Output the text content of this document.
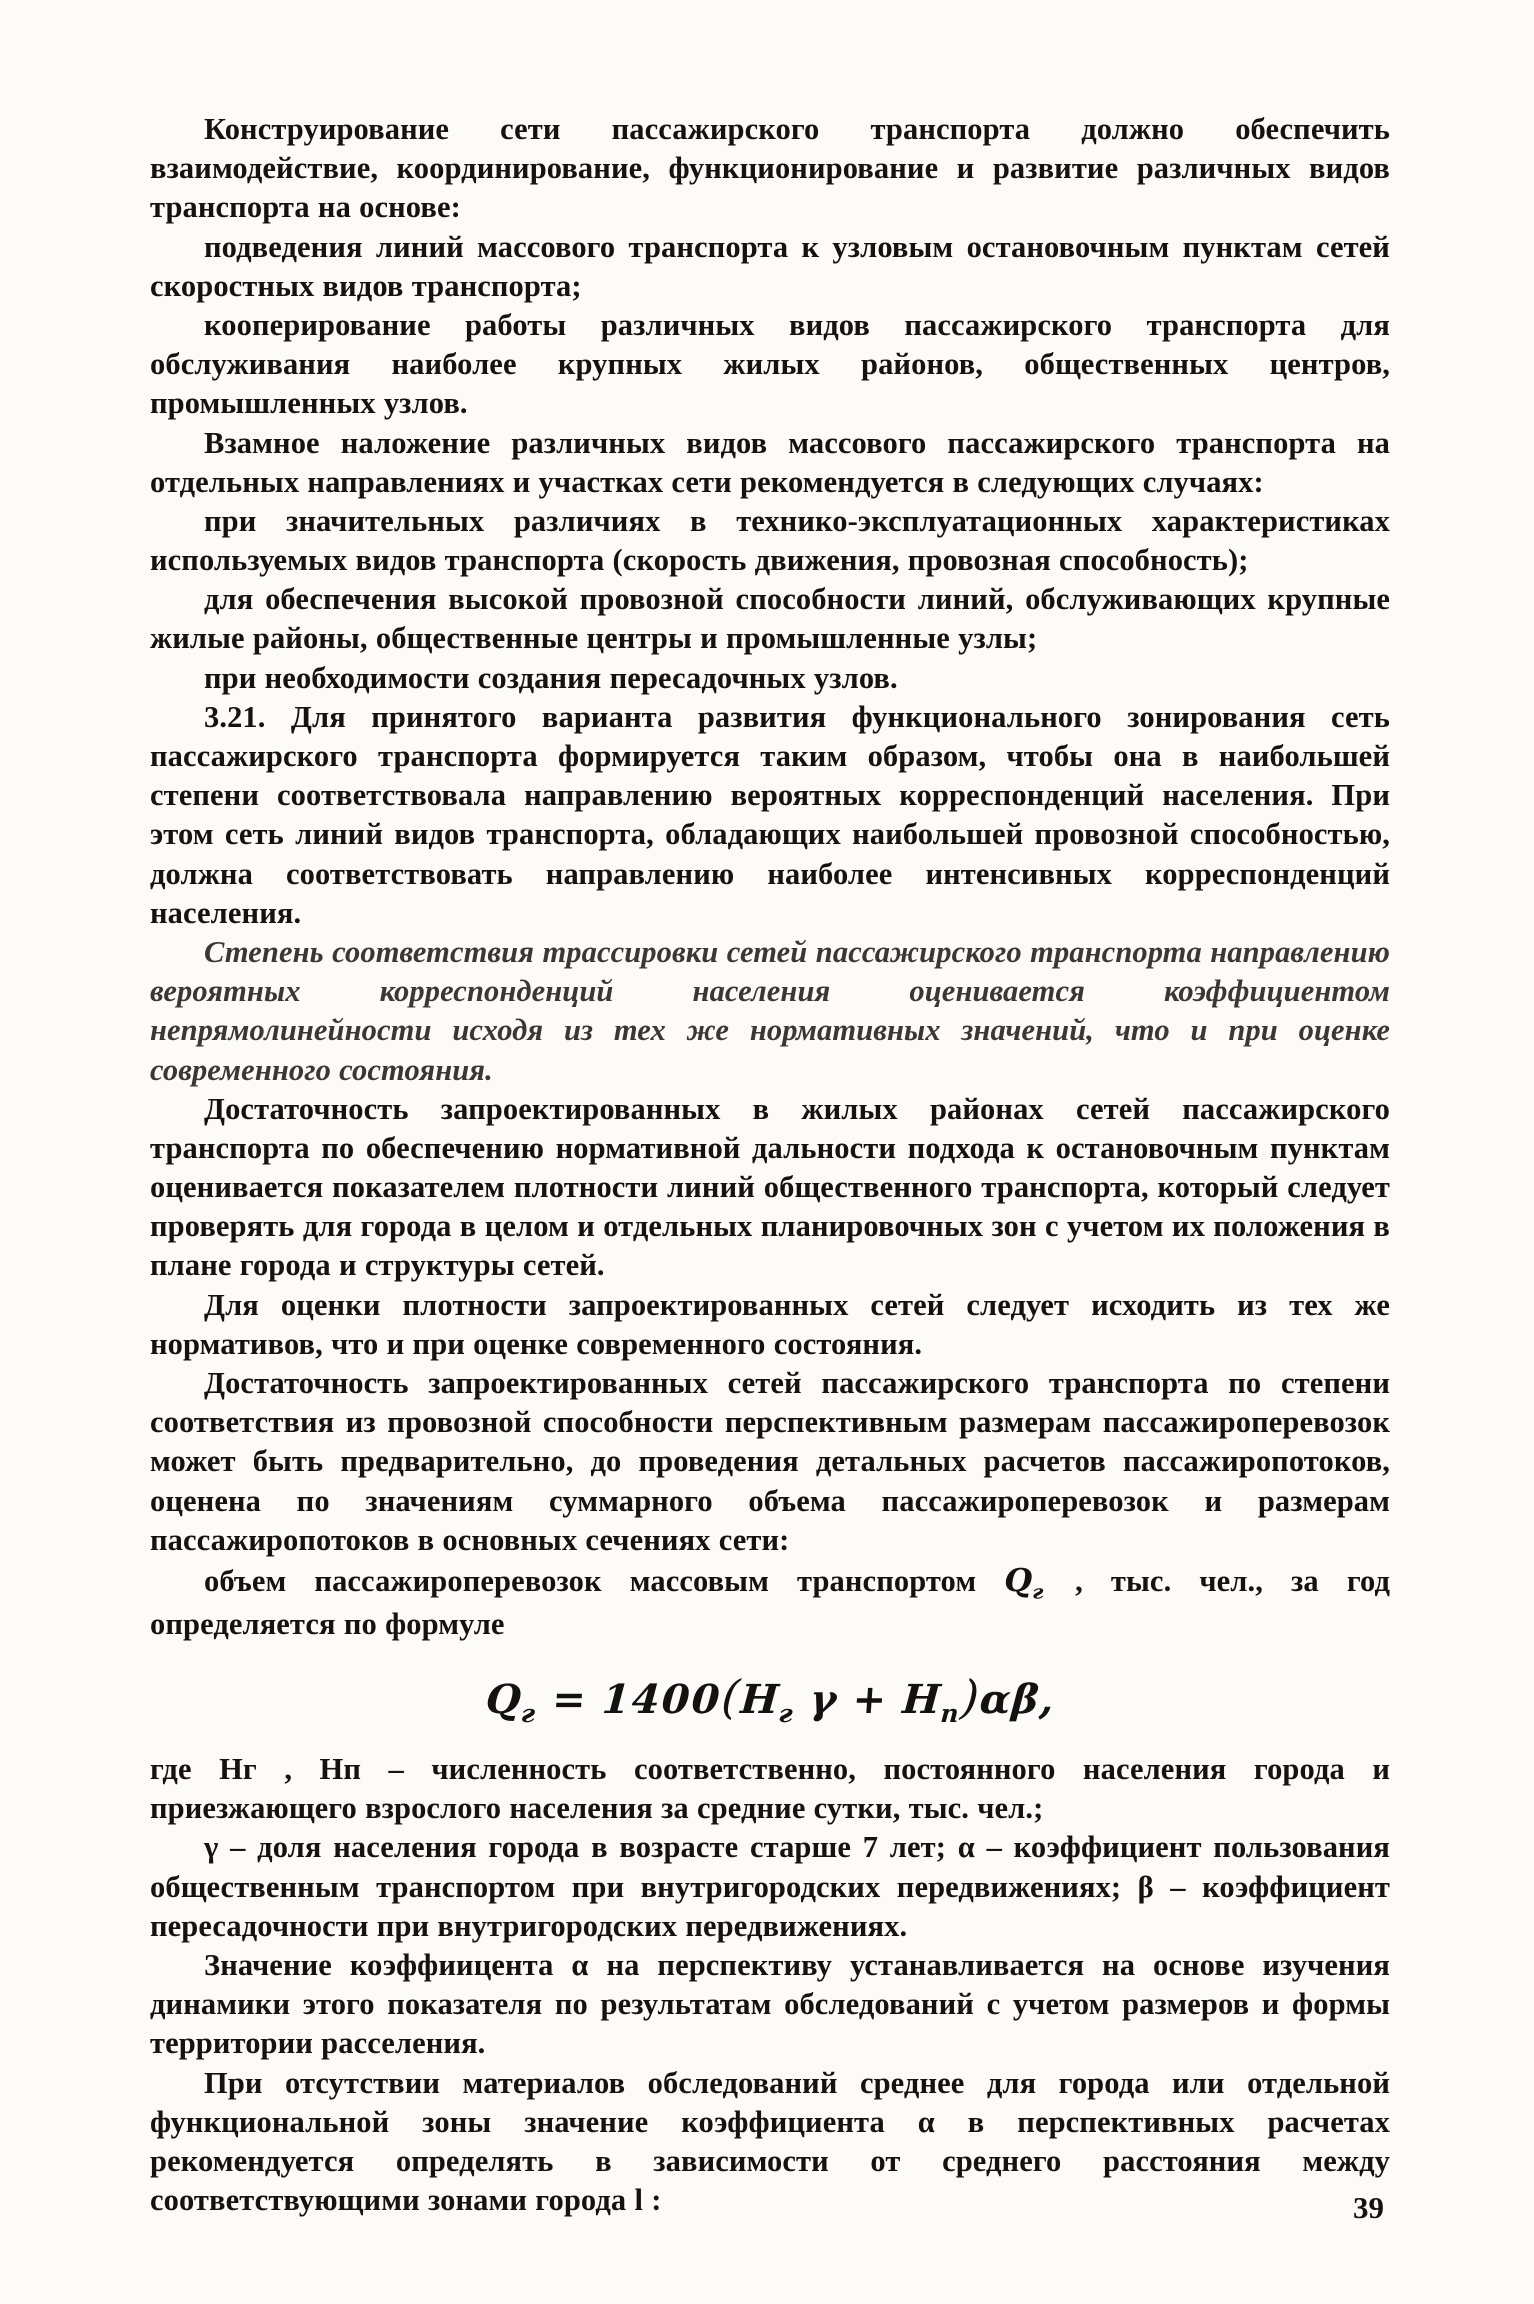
Конструирование сети пассажирского транспорта должно обеспечить взаимодействие, координирование, функционирование и развитие различных видов транспорта на основе:

подведения линий массового транспорта к узловым остановочным пунктам сетей скоростных видов транспорта;

кооперирование работы различных видов пассажирского транспорта для обслуживания наиболее крупных жилых районов, общественных центров, промышленных узлов.

Взамное наложение различных видов массового пассажирского транспорта на отдельных направлениях и участках сети рекомендуется в следующих случаях:

при значительных различиях в технико-эксплуатационных характеристиках используемых видов транспорта (скорость движения, провозная способность);

для обеспечения высокой провозной способности линий, обслуживающих крупные жилые районы, общественные центры и промышленные узлы;

при необходимости создания пересадочных узлов.

3.21. Для принятого варианта развития функционального зонирования сеть пассажирского транспорта формируется таким образом, чтобы она в наибольшей степени соответствовала направлению вероятных корреспонденций населения. При этом сеть линий видов транспорта, обладающих наибольшей провозной способностью, должна соответствовать направлению наиболее интенсивных корреспонденций населения.

Степень соответствия трассировки сетей пассажирского транспорта направлению вероятных корреспонденций населения оценивается коэффициентом непрямолинейности исходя из тех же нормативных значений, что и при оценке современного состояния.

Достаточность запроектированных в жилых районах сетей пассажирского транспорта по обеспечению нормативной дальности подхода к остановочным пунктам оценивается показателем плотности линий общественного транспорта, который следует проверять для города в целом и отдельных планировочных зон с учетом их положения в плане города и структуры сетей.

Для оценки плотности запроектированных сетей следует исходить из тех же нормативов, что и при оценке современного состояния.

Достаточность запроектированных сетей пассажирского транспорта по степени соответствия из провозной способности перспективным размерам пассажироперевозок может быть предварительно, до проведения детальных расчетов пассажиропотоков, оценена по значениям суммарного объема пассажироперевозок и размерам пассажиропотоков в основных сечениях сети:

объем пассажироперевозок массовым транспортом $Q_г$ , тыс. чел., за год определяется по формуле

$Q_г = 1400(H_г$ $\gamma + H_п)\alpha\beta$,

где Hг , Hп – численность соответственно, постоянного населения города и приезжающего взрослого населения за средние сутки, тыс. чел.;

γ – доля населения города в возрасте старше 7 лет; α – коэффициент пользования общественным транспортом при внутригородских передвижениях; β – коэффициент пересадочности при внутригородских передвижениях.

Значение коэффиицента α на перспективу устанавливается на основе изучения динамики этого показателя по результатам обследований с учетом размеров и формы территории расселения.

При отсутствии материалов обследований среднее для города или отдельной функциональной зоны значение коэффициента α в перспективных расчетах рекомендуется определять в зависимости от среднего расстояния между соответствующими зонами города l :	39
